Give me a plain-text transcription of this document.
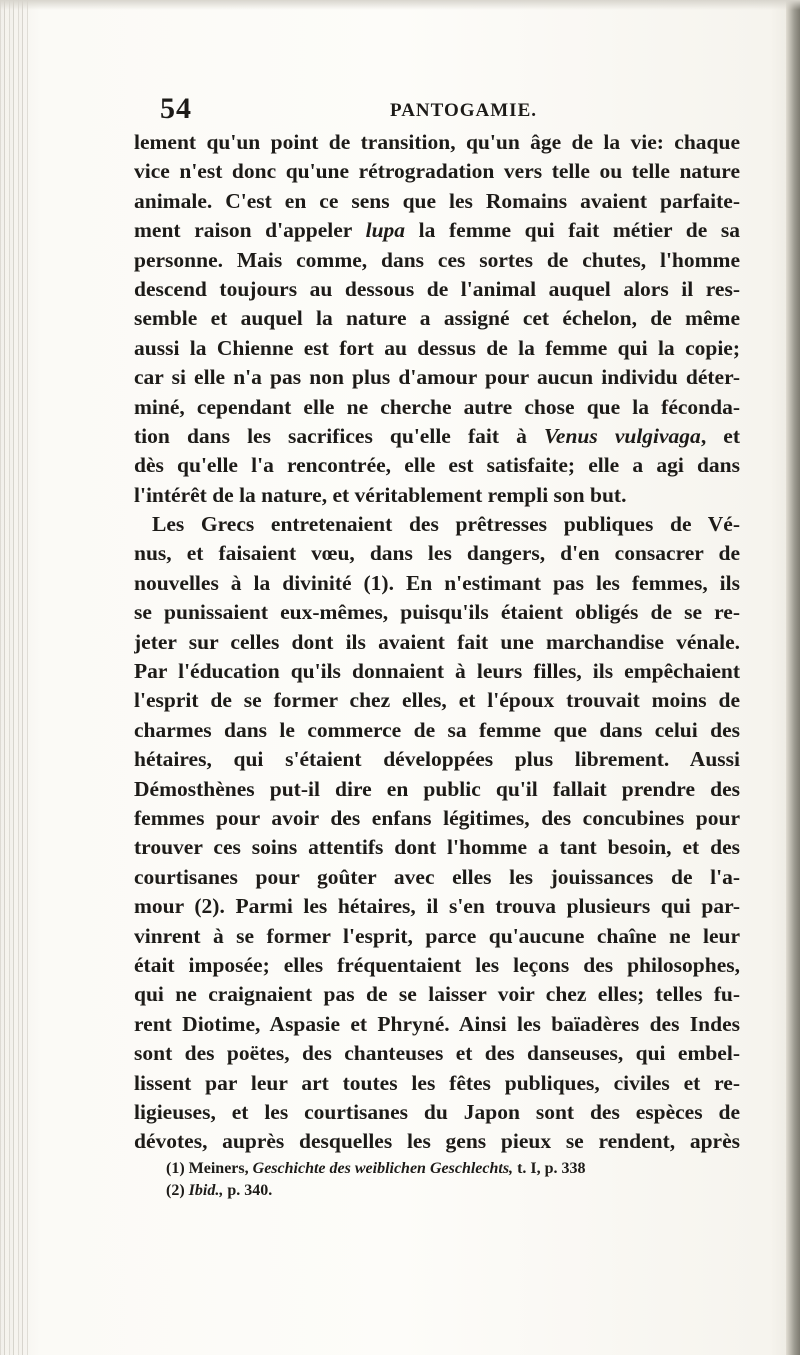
54	PANTOGAMIE.
lement qu'un point de transition, qu'un âge de la vie: chaque
vice n'est donc qu'une rétrogradation vers telle ou telle nature
animale. C'est en ce sens que les Romains avaient parfaite-
ment raison d'appeler lupa la femme qui fait métier de sa
personne. Mais comme, dans ces sortes de chutes, l'homme
descend toujours au dessous de l'animal auquel alors il res-
semble et auquel la nature a assigné cet échelon, de même
aussi la Chienne est fort au dessus de la femme qui la copie;
car si elle n'a pas non plus d'amour pour aucun individu déter-
miné, cependant elle ne cherche autre chose que la féconda-
tion dans les sacrifices qu'elle fait à Venus vulgivaga, et
dès qu'elle l'a rencontrée, elle est satisfaite; elle a agi dans
l'intérêt de la nature, et véritablement rempli son but.
Les Grecs entretenaient des prêtresses publiques de Vé-
nus, et faisaient vœu, dans les dangers, d'en consacrer de
nouvelles à la divinité (1). En n'estimant pas les femmes, ils
se punissaient eux-mêmes, puisqu'ils étaient obligés de se re-
jeter sur celles dont ils avaient fait une marchandise vénale.
Par l'éducation qu'ils donnaient à leurs filles, ils empêchaient
l'esprit de se former chez elles, et l'époux trouvait moins de
charmes dans le commerce de sa femme que dans celui des
hétaires, qui s'étaient développées plus librement. Aussi
Démosthènes put-il dire en public qu'il fallait prendre des
femmes pour avoir des enfans légitimes, des concubines pour
trouver ces soins attentifs dont l'homme a tant besoin, et des
courtisanes pour goûter avec elles les jouissances de l'a-
mour (2). Parmi les hétaires, il s'en trouva plusieurs qui par-
vinrent à se former l'esprit, parce qu'aucune chaîne ne leur
était imposée; elles fréquentaient les leçons des philosophes,
qui ne craignaient pas de se laisser voir chez elles; telles fu-
rent Diotime, Aspasie et Phryné. Ainsi les baïadères des Indes
sont des poëtes, des chanteuses et des danseuses, qui embel-
lissent par leur art toutes les fêtes publiques, civiles et re-
ligieuses, et les courtisanes du Japon sont des espèces de
dévotes, auprès desquelles les gens pieux se rendent, après
(1) Meiners, Geschichte des weiblichen Geschlechts, t. I, p. 338
(2) Ibid., p. 340.
